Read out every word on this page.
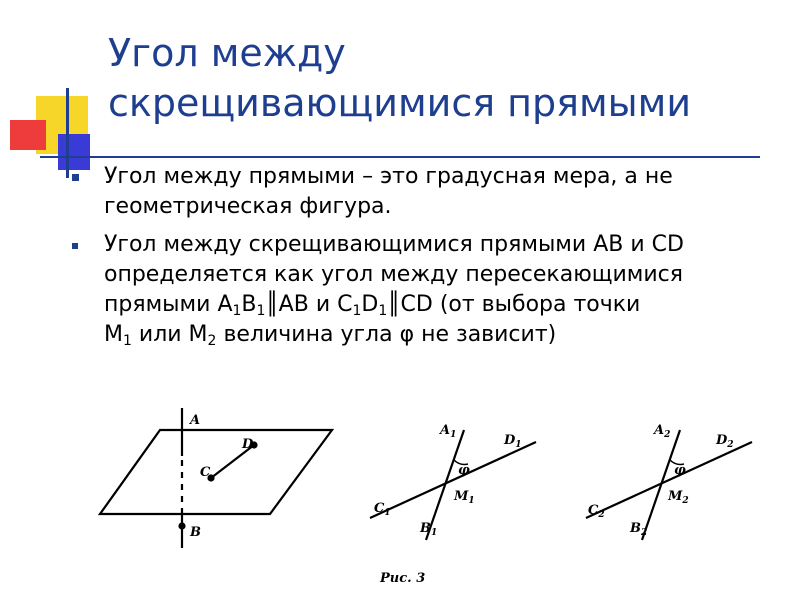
Угол между
скрещивающимися прямыми
Угол между прямыми – это градусная мера, а не
геометрическая фигура.
Угол между скрещивающимися прямыми AB и CD
определяется как угол между пересекающимися
прямыми $A_1B_1║AB$ и $C_1D_1║CD$ (от выбора точки
$M_1$ или $M_2$ величина угла φ не зависит)
A
B
C
D
$A_1$	$D_1$
φ
$M_1$
$C_1$
$B_1$
$A_2$	$D_2$
φ
$M_2$
$C_2$
$B_2$
Рис. 3
